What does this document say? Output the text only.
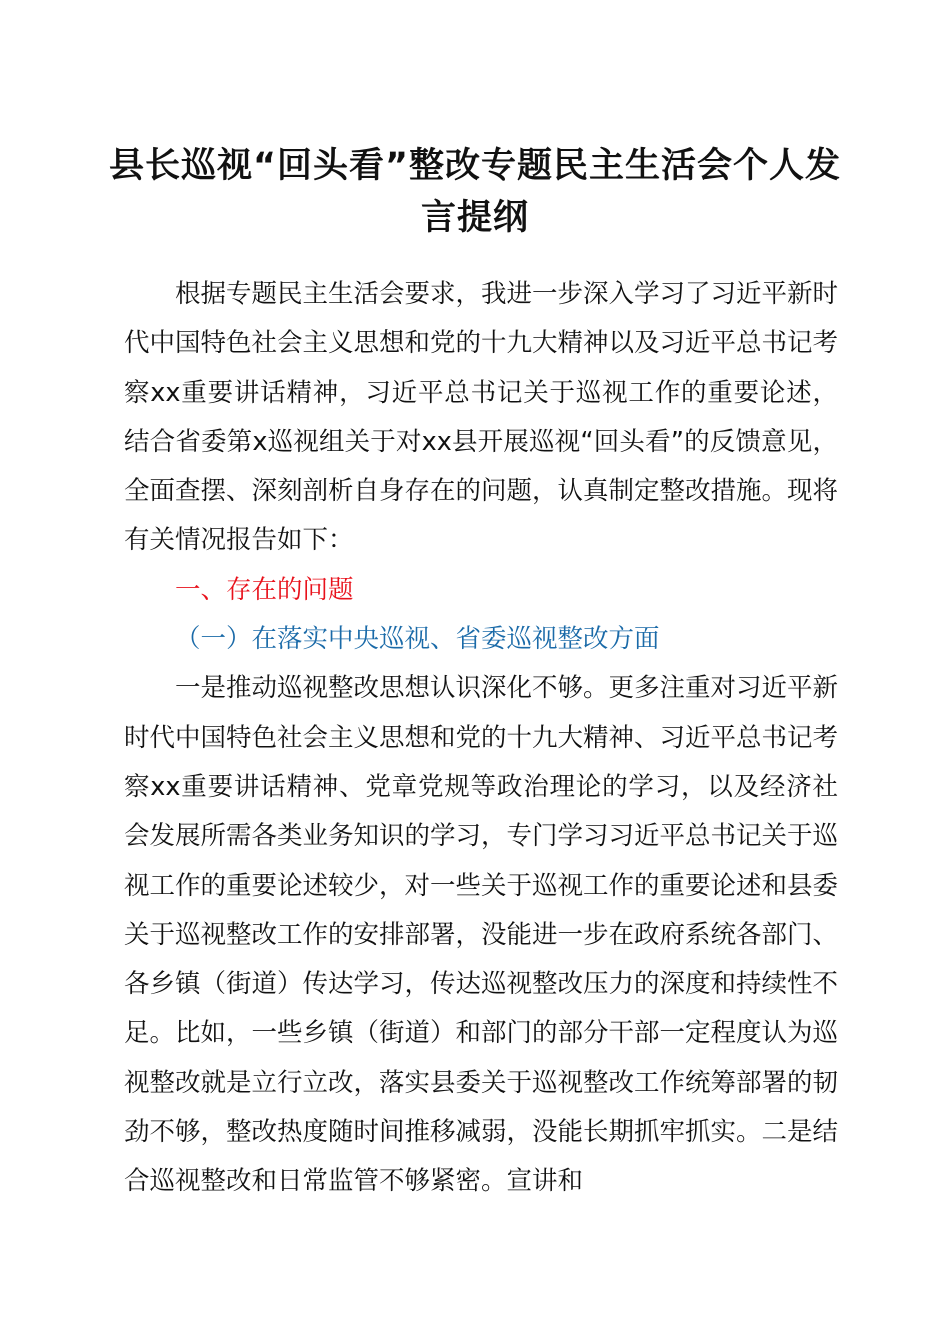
县长巡视“回头看”整改专题民主生活会个人发
言提纲

根据专题民主生活会要求，我进一步深入学习了习近平新时代中国特色社会主义思想和党的十九大精神以及习近平总书记考察xx重要讲话精神，习近平总书记关于巡视工作的重要论述，结合省委第x巡视组关于对xx县开展巡视“回头看”的反馈意见，全面查摆、深刻剖析自身存在的问题，认真制定整改措施。现将有关情况报告如下：

一、存在的问题

（一）在落实中央巡视、省委巡视整改方面

一是推动巡视整改思想认识深化不够。更多注重对习近平新时代中国特色社会主义思想和党的十九大精神、习近平总书记考察xx重要讲话精神、党章党规等政治理论的学习，以及经济社会发展所需各类业务知识的学习，专门学习习近平总书记关于巡视工作的重要论述较少，对一些关于巡视工作的重要论述和县委关于巡视整改工作的安排部署，没能进一步在政府系统各部门、各乡镇（街道）传达学习，传达巡视整改压力的深度和持续性不足。比如，一些乡镇（街道）和部门的部分干部一定程度认为巡视整改就是立行立改，落实县委关于巡视整改工作统筹部署的韧劲不够，整改热度随时间推移减弱，没能长期抓牢抓实。二是结合巡视整改和日常监管不够紧密。宣讲和
